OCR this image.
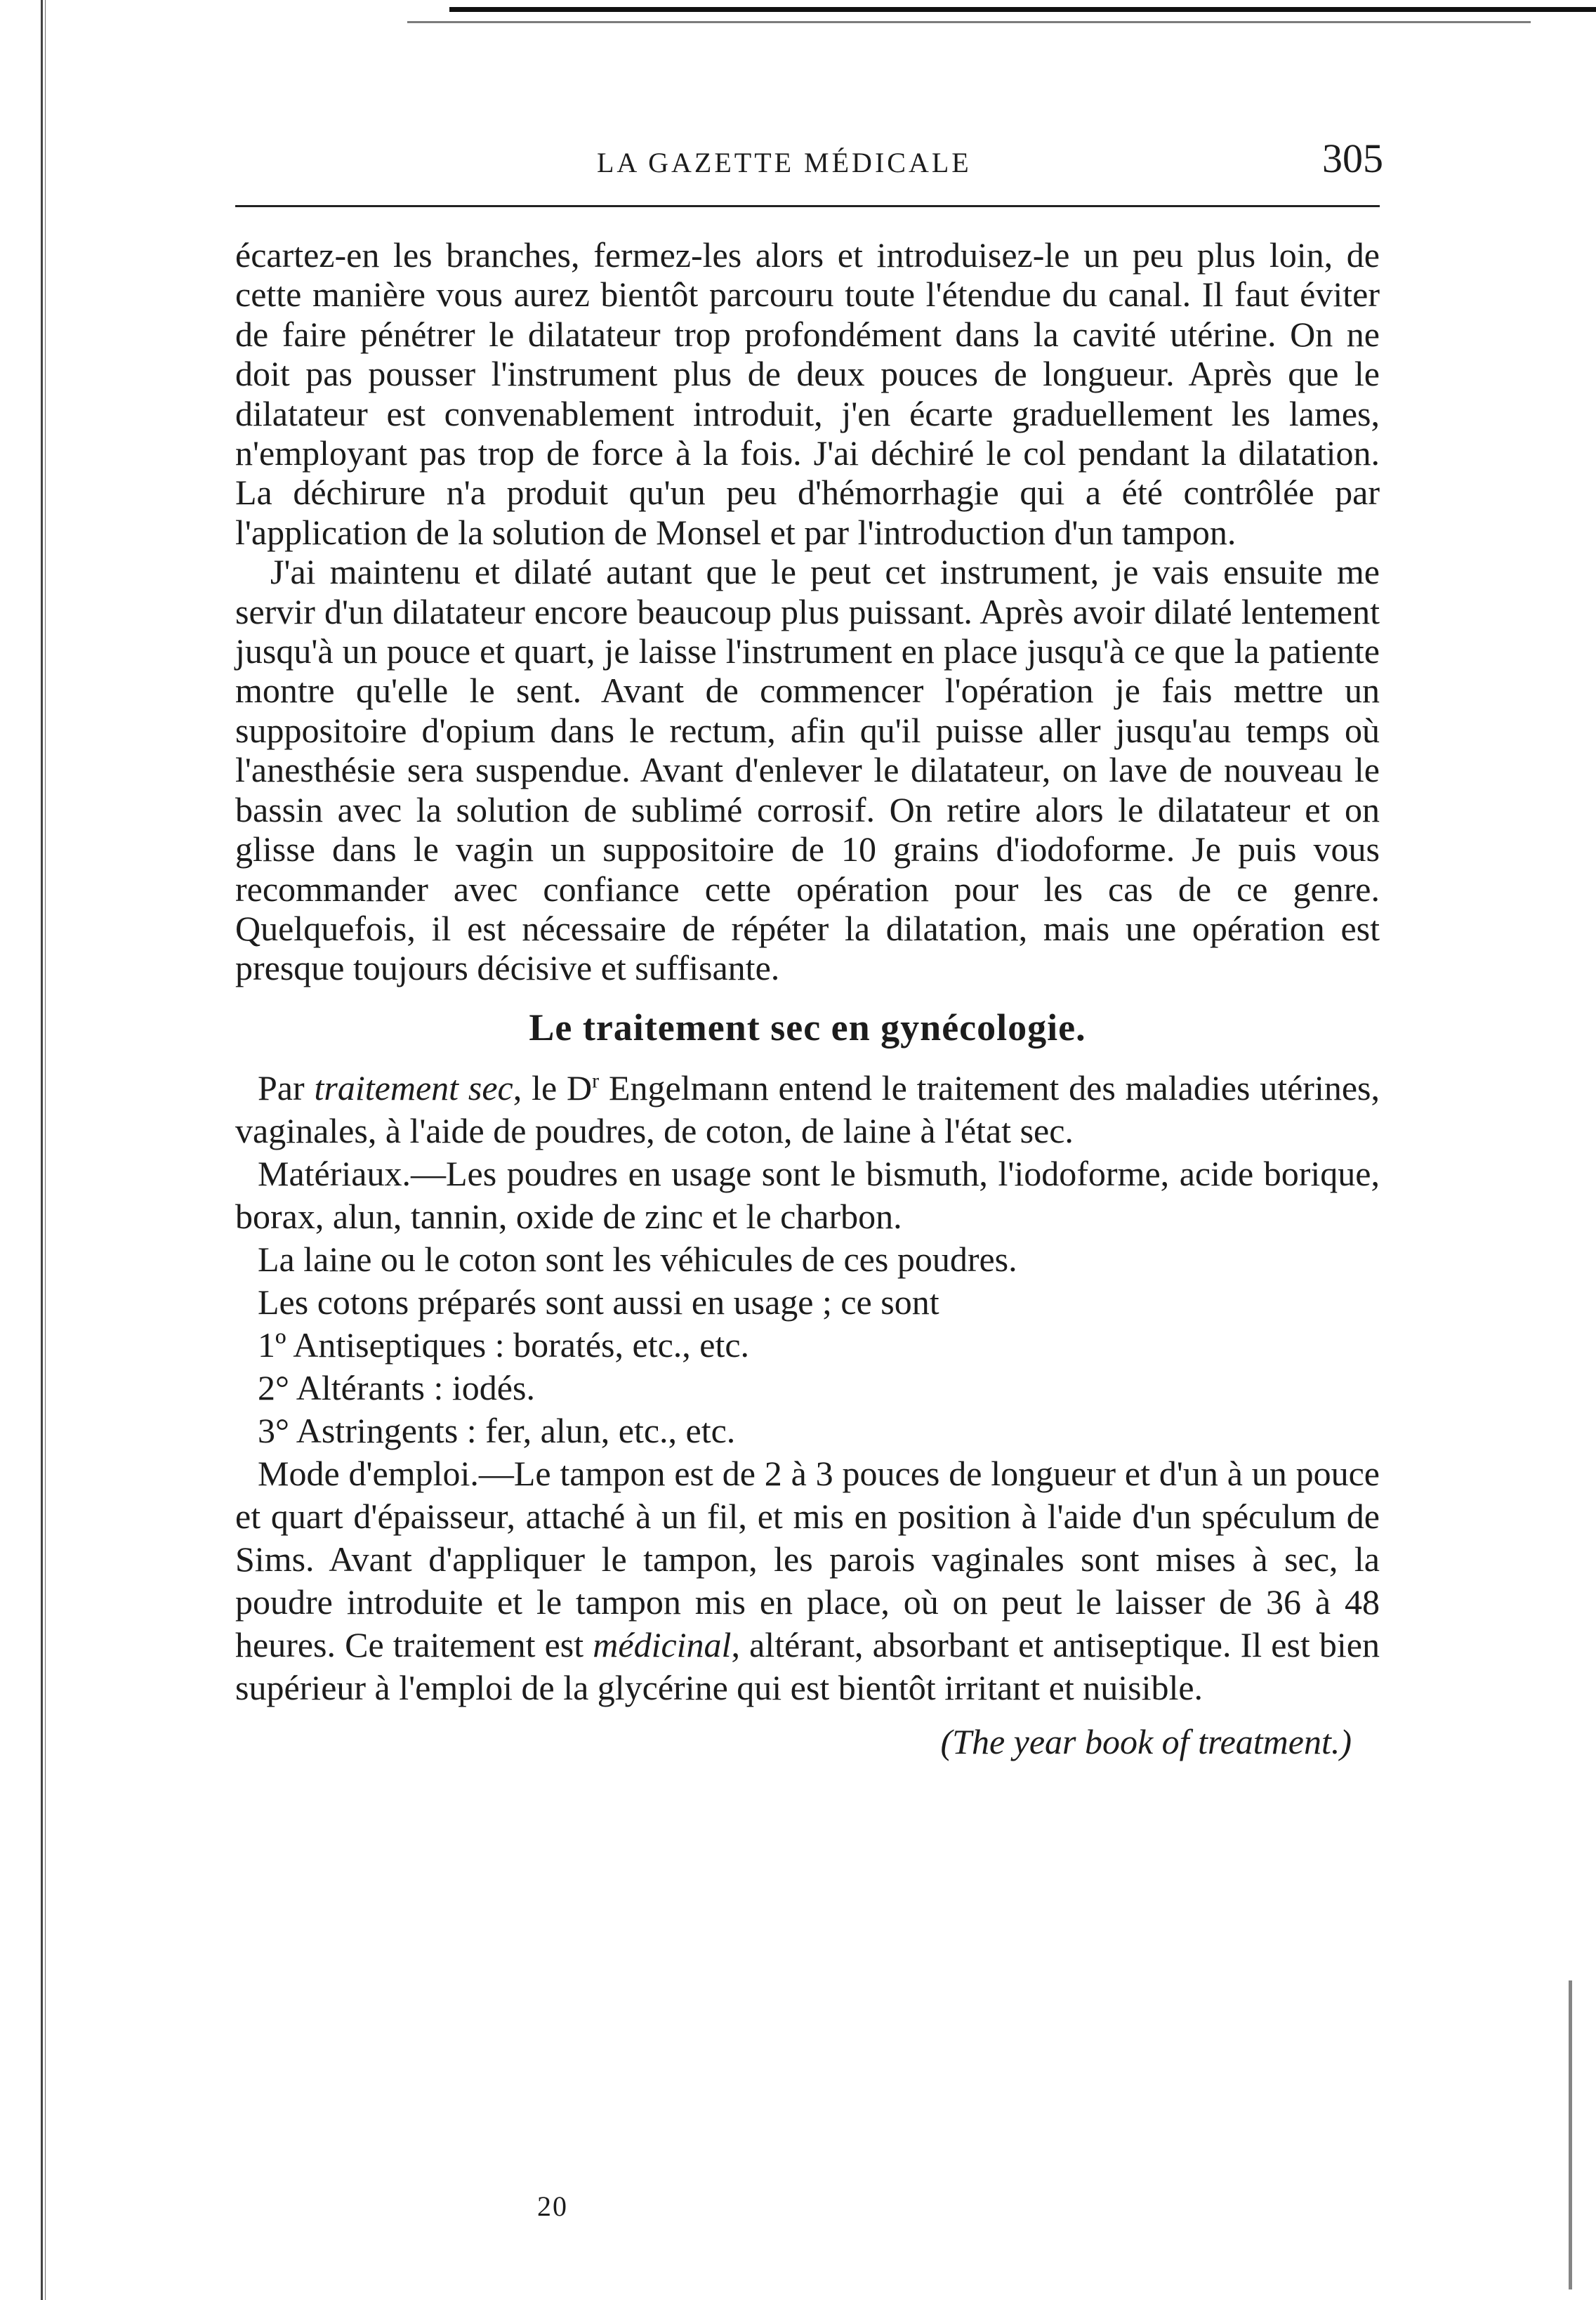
LA GAZETTE MÉDICALE	305

écartez-en les branches, fermez-les alors et introduisez-le un peu plus loin, de cette manière vous aurez bientôt parcouru toute l'étendue du canal. Il faut éviter de faire pénétrer le dilatateur trop profondément dans la cavité utérine. On ne doit pas pousser l'instrument plus de deux pouces de longueur. Après que le dilatateur est convenablement introduit, j'en écarte graduellement les lames, n'employant pas trop de force à la fois. J'ai déchiré le col pendant la dilatation. La déchirure n'a produit qu'un peu d'hémorrhagie qui a été contrôlée par l'application de la solution de Monsel et par l'introduction d'un tampon.

J'ai maintenu et dilaté autant que le peut cet instrument, je vais ensuite me servir d'un dilatateur encore beaucoup plus puissant. Après avoir dilaté lentement jusqu'à un pouce et quart, je laisse l'instrument en place jusqu'à ce que la patiente montre qu'elle le sent. Avant de commencer l'opération je fais mettre un suppositoire d'opium dans le rectum, afin qu'il puisse aller jusqu'au temps où l'anesthésie sera suspendue. Avant d'enlever le dilatateur, on lave de nouveau le bassin avec la solution de sublimé corrosif. On retire alors le dilatateur et on glisse dans le vagin un suppositoire de 10 grains d'iodoforme. Je puis vous recommander avec confiance cette opération pour les cas de ce genre. Quelquefois, il est nécessaire de répéter la dilatation, mais une opération est presque toujours décisive et suffisante.

Le traitement sec en gynécologie.

Par traitement sec, le $D^r$ Engelmann entend le traitement des maladies utérines, vaginales, à l'aide de poudres, de coton, de laine à l'état sec.

Matériaux.—Les poudres en usage sont le bismuth, l'iodoforme, acide borique, borax, alun, tannin, oxide de zinc et le charbon.

La laine ou le coton sont les véhicules de ces poudres.

Les cotons préparés sont aussi en usage ; ce sont

1º Antiseptiques : boratés, etc., etc.

2° Altérants : iodés.

3° Astringents : fer, alun, etc., etc.

Mode d'emploi.—Le tampon est de 2 à 3 pouces de longueur et d'un à un pouce et quart d'épaisseur, attaché à un fil, et mis en position à l'aide d'un spéculum de Sims. Avant d'appliquer le tampon, les parois vaginales sont mises à sec, la poudre introduite et le tampon mis en place, où on peut le laisser de 36 à 48 heures. Ce traitement est médicinal, altérant, absorbant et antiseptique. Il est bien supérieur à l'emploi de la glycérine qui est bientôt irritant et nuisible.

(The year book of treatment.)

20
